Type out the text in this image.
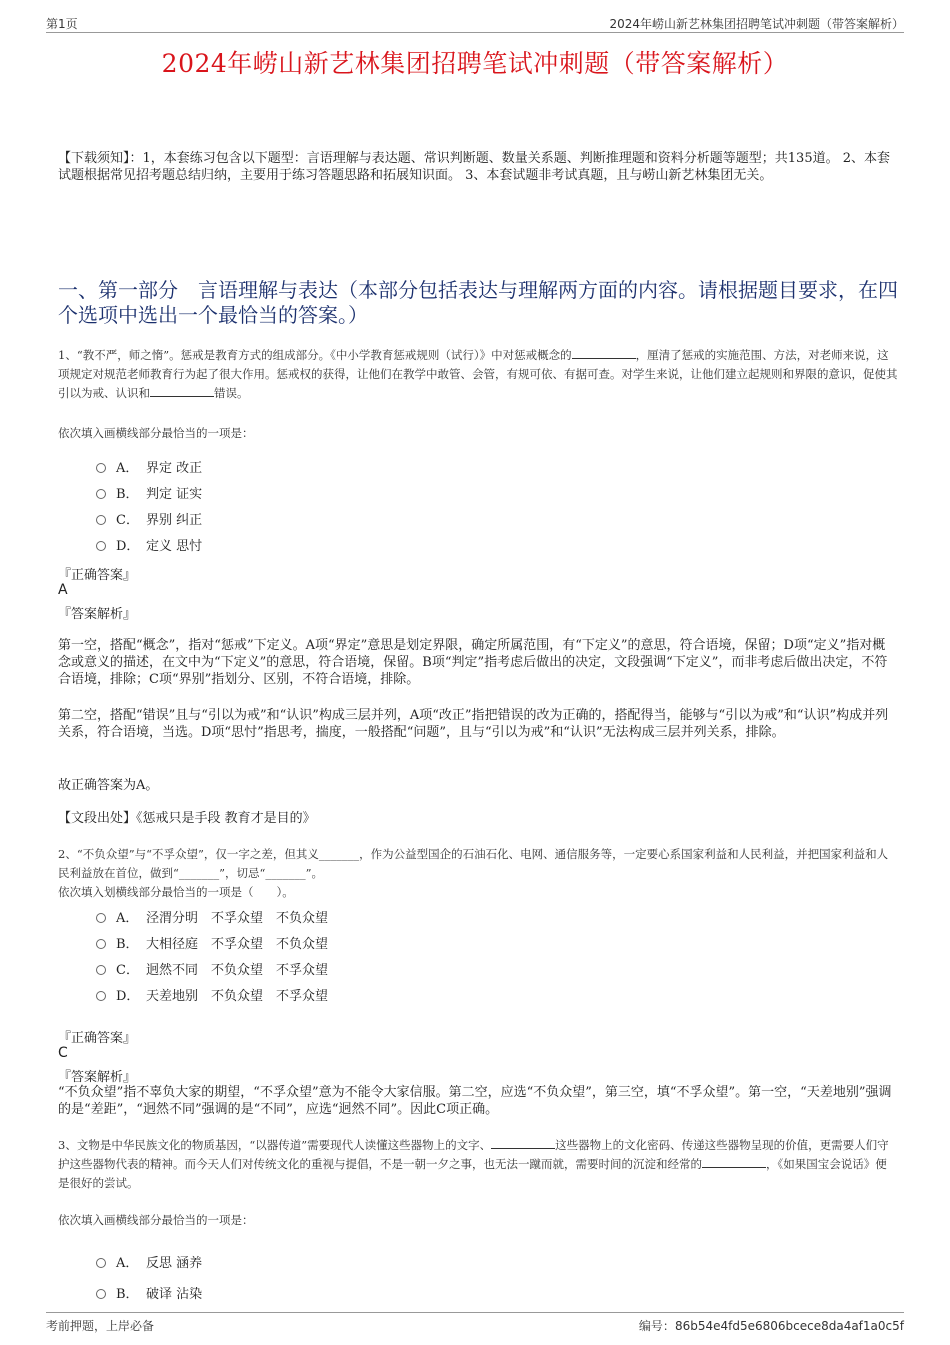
第1页	2024年崂山新艺林集团招聘笔试冲刺题（带答案解析）
2024年崂山新艺林集团招聘笔试冲刺题（带答案解析）
【下载须知】：1，本套练习包含以下题型：言语理解与表达题、常识判断题、数量关系题、判断推理题和资料分析题等题型；共135道。 2、本套试题根据常见招考题总结归纳，主要用于练习答题思路和拓展知识面。 3、本套试题非考试真题，且与崂山新艺林集团无关。
一、第一部分　言语理解与表达（本部分包括表达与理解两方面的内容。请根据题目要求，在四个选项中选出一个最恰当的答案。）
1、“教不严，师之惰”。惩戒是教育方式的组成部分。《中小学教育惩戒规则（试行）》中对惩戒概念的	，厘清了惩戒的实施范围、方法，对老师来说，这项规定对规范老师教育行为起了很大作用。惩戒权的获得，让他们在教学中敢管、会管，有规可依、有据可查。对学生来说，让他们建立起规则和界限的意识，促使其引以为戒、认识和	错误。
依次填入画横线部分最恰当的一项是：
A． 界定 改正
B． 判定 证实
C． 界别 纠正
D． 定义 思忖
『正确答案』
A
『答案解析』
第一空，搭配“概念”，指对“惩戒”下定义。A项“界定”意思是划定界限，确定所属范围，有“下定义”的意思，符合语境，保留；D项“定义”指对概念或意义的描述，在文中为“下定义”的意思，符合语境，保留。B项“判定”指考虑后做出的决定，文段强调“下定义”，而非考虑后做出决定，不符合语境，排除；C项“界别”指划分、区别，不符合语境，排除。
第二空，搭配“错误”且与“引以为戒”和“认识”构成三层并列，A项“改正”指把错误的改为正确的，搭配得当，能够与“引以为戒”和“认识”构成并列关系，符合语境，当选。D项“思忖”指思考，揣度，一般搭配“问题”，且与“引以为戒”和“认识”无法构成三层并列关系，排除。
故正确答案为A。
【文段出处】《惩戒只是手段 教育才是目的》
2、“不负众望”与“不孚众望”，仅一字之差，但其义_______，作为公益型国企的石油石化、电网、通信服务等，一定要心系国家利益和人民利益，并把国家利益和人民利益放在首位，做到“_______”，切忌“_______”。
依次填入划横线部分最恰当的一项是（　　）。
A． 泾渭分明　不孚众望　不负众望
B． 大相径庭　不孚众望　不负众望
C． 迥然不同　不负众望　不孚众望
D． 天差地别　不负众望　不孚众望
『正确答案』
C
『答案解析』
“不负众望”指不辜负大家的期望，“不孚众望”意为不能令大家信服。第二空，应选“不负众望”，第三空，填“不孚众望”。第一空，“天差地别”强调的是“差距”，“迥然不同”强调的是“不同”，应选“迥然不同”。因此C项正确。
3、文物是中华民族文化的物质基因，“以器传道”需要现代人读懂这些器物上的文字、	这些器物上的文化密码、传递这些器物呈现的价值，更需要人们守护这些器物代表的精神。而今天人们对传统文化的重视与提倡，不是一朝一夕之事，也无法一蹴而就，需要时间的沉淀和经常的	，《如果国宝会说话》便是很好的尝试。
依次填入画横线部分最恰当的一项是：
A． 反思 涵养
B． 破译 沾染
考前押题，上岸必备	编号：86b54e4fd5e6806bcece8da4af1a0c5f
